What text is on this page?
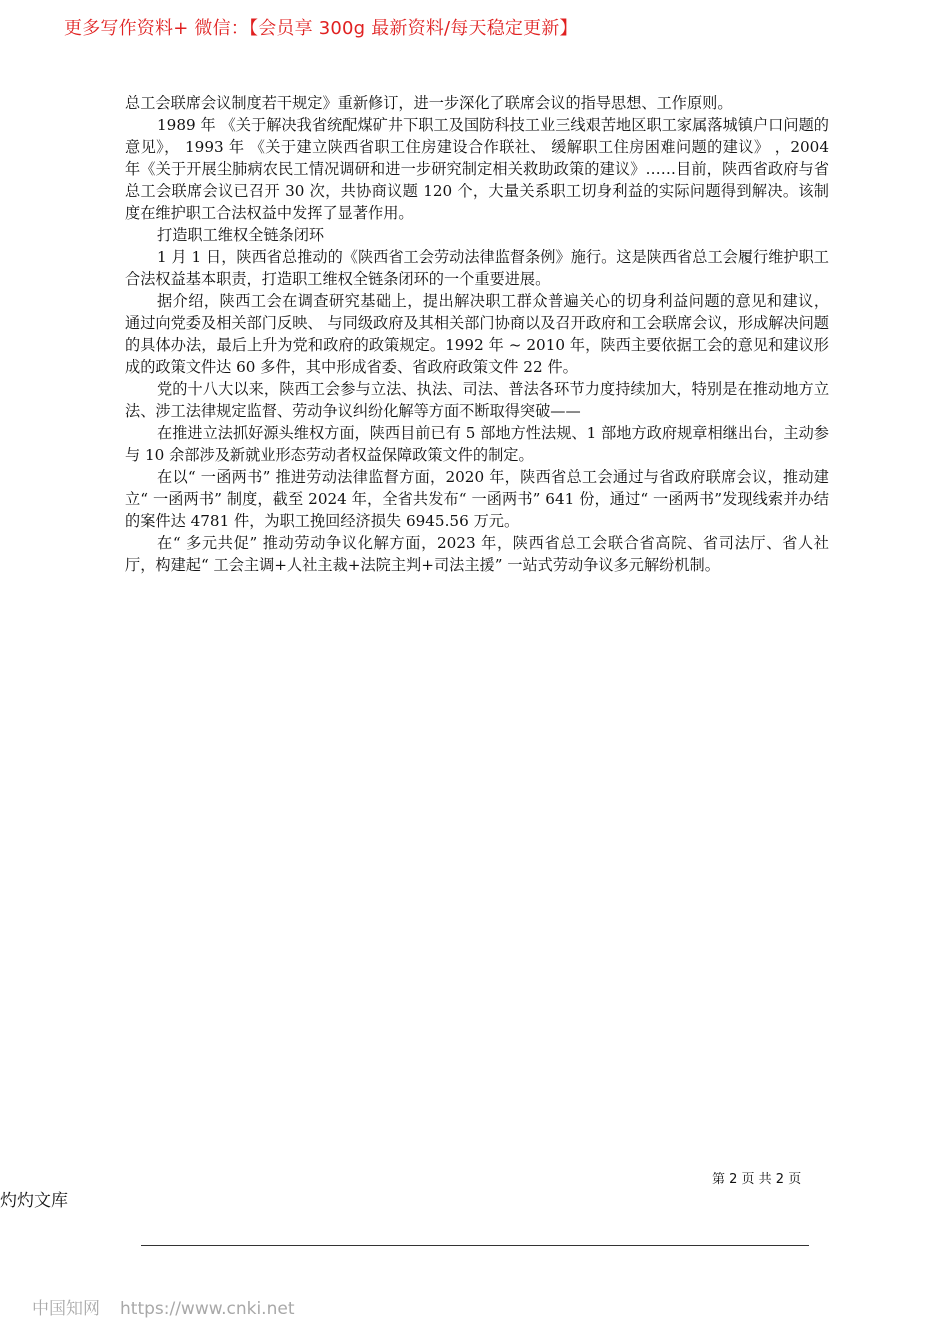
更多写作资料+ 微信：【会员享 300g 最新资料/每天稳定更新】

总工会联席会议制度若干规定》重新修订，进一步深化了联席会议的指导思想、工作原则。

1989 年 《关于解决我省统配煤矿井下职工及国防科技工业三线艰苦地区职工家属落城镇户口问题的意见》， 1993 年 《关于建立陕西省职工住房建设合作联社、 缓解职工住房困难问题的建议》 ，2004 年《关于开展尘肺病农民工情况调研和进一步研究制定相关救助政策的建议》……目前，陕西省政府与省总工会联席会议已召开 30 次，共协商议题 120 个，大量关系职工切身利益的实际问题得到解决。该制度在维护职工合法权益中发挥了显著作用。

打造职工维权全链条闭环

1 月 1 日，陕西省总推动的《陕西省工会劳动法律监督条例》施行。这是陕西省总工会履行维护职工合法权益基本职责，打造职工维权全链条闭环的一个重要进展。

据介绍，陕西工会在调查研究基础上，提出解决职工群众普遍关心的切身利益问题的意见和建议， 通过向党委及相关部门反映、 与同级政府及其相关部门协商以及召开政府和工会联席会议，形成解决问题的具体办法，最后上升为党和政府的政策规定。1992 年 ~ 2010 年，陕西主要依据工会的意见和建议形成的政策文件达 60 多件，其中形成省委、省政府政策文件 22 件。

党的十八大以来，陕西工会参与立法、执法、司法、普法各环节力度持续加大，特别是在推动地方立法、涉工法律规定监督、劳动争议纠纷化解等方面不断取得突破——

在推进立法抓好源头维权方面，陕西目前已有 5 部地方性法规、1 部地方政府规章相继出台，主动参与 10 余部涉及新就业形态劳动者权益保障政策文件的制定。

在以“ 一函两书” 推进劳动法律监督方面，2020 年，陕西省总工会通过与省政府联席会议，推动建立“ 一函两书” 制度，截至 2024 年，全省共发布“ 一函两书” 641 份，通过“ 一函两书”发现线索并办结的案件达 4781 件，为职工挽回经济损失 6945.56 万元。

在“ 多元共促” 推动劳动争议化解方面，2023 年，陕西省总工会联合省高院、省司法厅、省人社厅，构建起“ 工会主调+人社主裁+法院主判+司法主援” 一站式劳动争议多元解纷机制。

第 2 页 共 2 页
灼灼文库
中国知网 https://www.cnki.net
